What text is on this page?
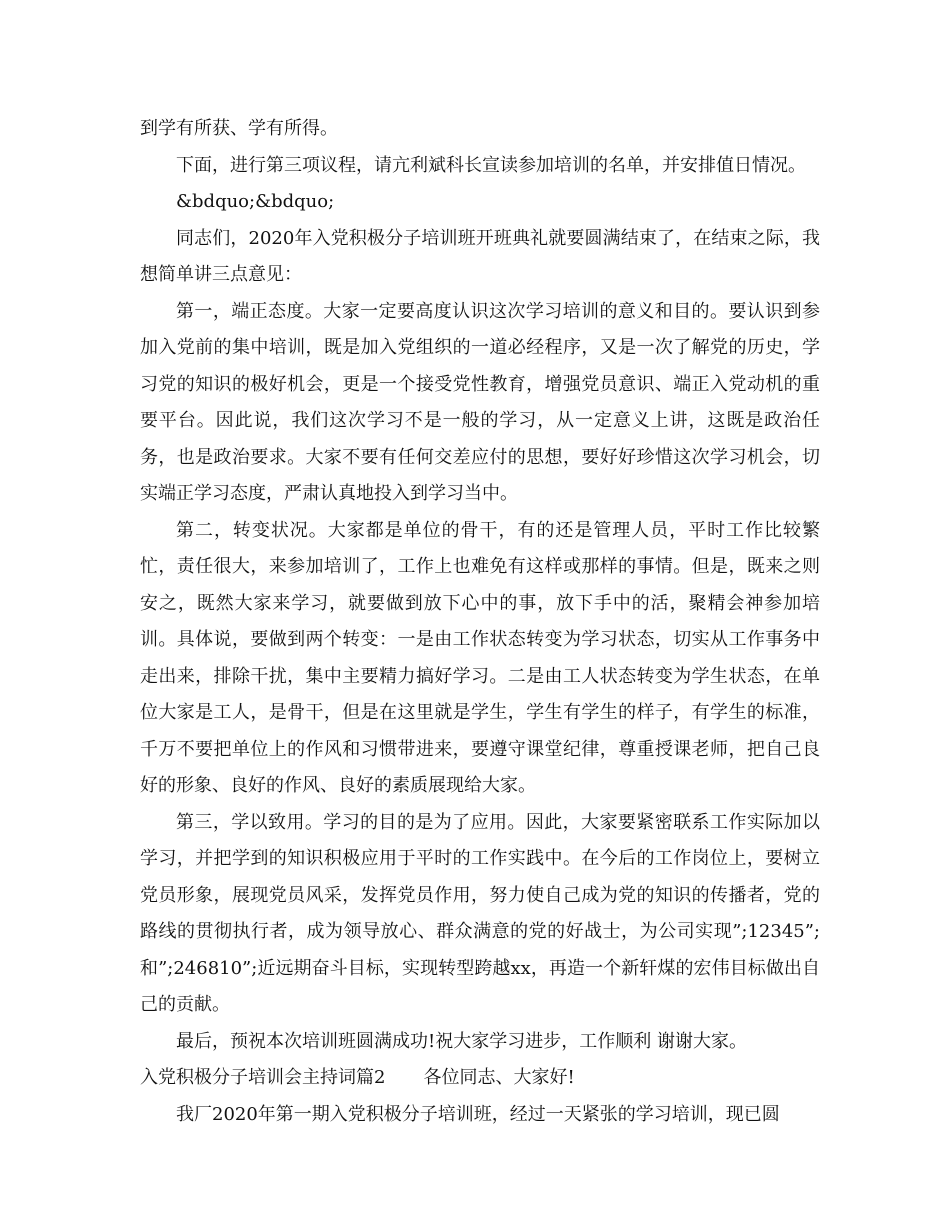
到学有所获、学有所得。

下面，进行第三项议程，请亢利斌科长宣读参加培训的名单，并安排值日情况。

&bdquo;&bdquo;

同志们，2020年入党积极分子培训班开班典礼就要圆满结束了，在结束之际，我想简单讲三点意见：

第一，端正态度。大家一定要高度认识这次学习培训的意义和目的。要认识到参加入党前的集中培训，既是加入党组织的一道必经程序，又是一次了解党的历史，学习党的知识的极好机会，更是一个接受党性教育，增强党员意识、端正入党动机的重要平台。因此说，我们这次学习不是一般的学习，从一定意义上讲，这既是政治任务，也是政治要求。大家不要有任何交差应付的思想，要好好珍惜这次学习机会，切实端正学习态度，严肃认真地投入到学习当中。

第二，转变状况。大家都是单位的骨干，有的还是管理人员，平时工作比较繁忙，责任很大，来参加培训了，工作上也难免有这样或那样的事情。但是，既来之则安之，既然大家来学习，就要做到放下心中的事，放下手中的活，聚精会神参加培训。具体说，要做到两个转变：一是由工作状态转变为学习状态，切实从工作事务中走出来，排除干扰，集中主要精力搞好学习。二是由工人状态转变为学生状态，在单位大家是工人，是骨干，但是在这里就是学生，学生有学生的样子，有学生的标准，千万不要把单位上的作风和习惯带进来，要遵守课堂纪律，尊重授课老师，把自己良好的形象、良好的作风、良好的素质展现给大家。

第三，学以致用。学习的目的是为了应用。因此，大家要紧密联系工作实际加以学习，并把学到的知识积极应用于平时的工作实践中。在今后的工作岗位上，要树立党员形象，展现党员风采，发挥党员作用，努力使自己成为党的知识的传播者，党的路线的贯彻执行者，成为领导放心、群众满意的党的好战士，为公司实现”;12345”;和”;246810”;近远期奋斗目标，实现转型跨越xx，再造一个新轩煤的宏伟目标做出自己的贡献。

最后，预祝本次培训班圆满成功!祝大家学习进步，工作顺利 谢谢大家。

入党积极分子培训会主持词篇2 各位同志、大家好!

我厂2020年第一期入党积极分子培训班，经过一天紧张的学习培训，现已圆
